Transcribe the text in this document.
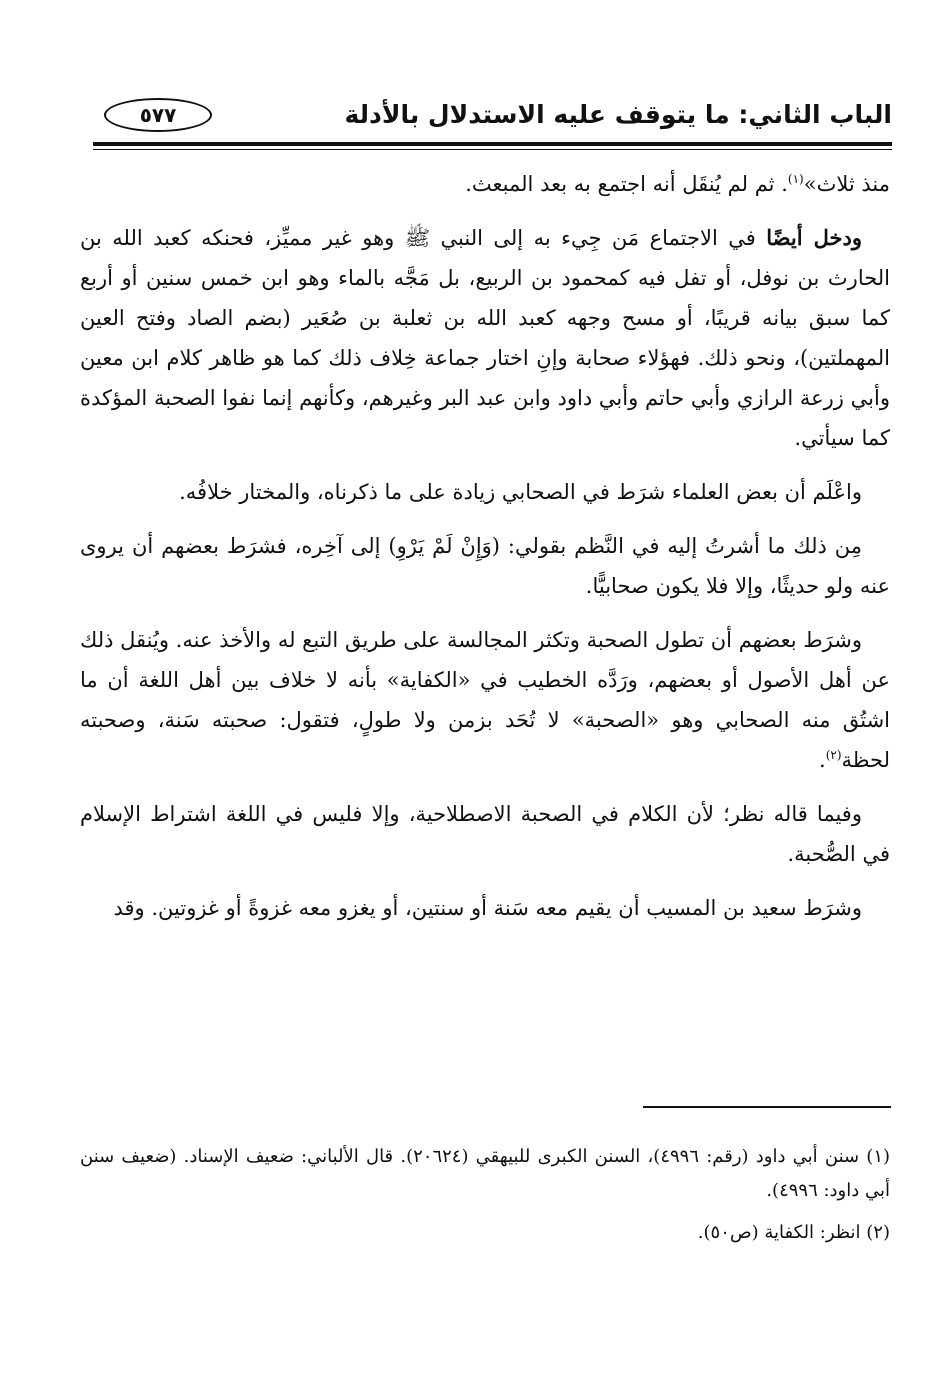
الباب الثاني: ما يتوقف عليه الاستدلال بالأدلة
٥٧٧

منذ ثلاث»$^{(١)}$. ثم لم يُنقَل أنه اجتمع به بعد المبعث.

ودخل أيضًا في الاجتماع مَن جِيء به إلى النبي ﷺ وهو غير مميِّز، فحنكه كعبد الله بن الحارث بن نوفل، أو تفل فيه كمحمود بن الربيع، بل مَجَّه بالماء وهو ابن خمس سنين أو أربع كما سبق بيانه قريبًا، أو مسح وجهه كعبد الله بن ثعلبة بن صُعَير (بضم الصاد وفتح العين المهملتين)، ونحو ذلك. فهؤلاء صحابة وإنِ اختار جماعة خِلاف ذلك كما هو ظاهر كلام ابن معين وأبي زرعة الرازي وأبي حاتم وأبي داود وابن عبد البر وغيرهم، وكأنهم إنما نفوا الصحبة المؤكدة كما سيأتي.

واعْلَم أن بعض العلماء شرَط في الصحابي زيادة على ما ذكرناه، والمختار خلافُه.

مِن ذلك ما أشرتُ إليه في النَّظم بقولي: (وَإِنْ لَمْ يَرْوِ) إلى آخِره، فشرَط بعضهم أن يروى عنه ولو حديثًا، وإلا فلا يكون صحابيًّا.

وشرَط بعضهم أن تطول الصحبة وتكثر المجالسة على طريق التبع له والأخذ عنه. ويُنقل ذلك عن أهل الأصول أو بعضهم، ورَدَّه الخطيب في «الكفاية» بأنه لا خلاف بين أهل اللغة أن ما اشتُق منه الصحابي وهو «الصحبة» لا تُحَد بزمن ولا طولٍ، فتقول: صحبته سَنة، وصحبته لحظة$^{(٢)}$.

وفيما قاله نظر؛ لأن الكلام في الصحبة الاصطلاحية، وإلا فليس في اللغة اشتراط الإسلام في الصُّحبة.

وشرَط سعيد بن المسيب أن يقيم معه سَنة أو سنتين، أو يغزو معه غزوةً أو غزوتين. وقد

(١) سنن أبي داود (رقم: ٤٩٩٦)، السنن الكبرى للبيهقي (٢٠٦٢٤). قال الألباني: ضعيف الإسناد. (ضعيف سنن أبي داود: ٤٩٩٦).

(٢) انظر: الكفاية (ص٥٠).
